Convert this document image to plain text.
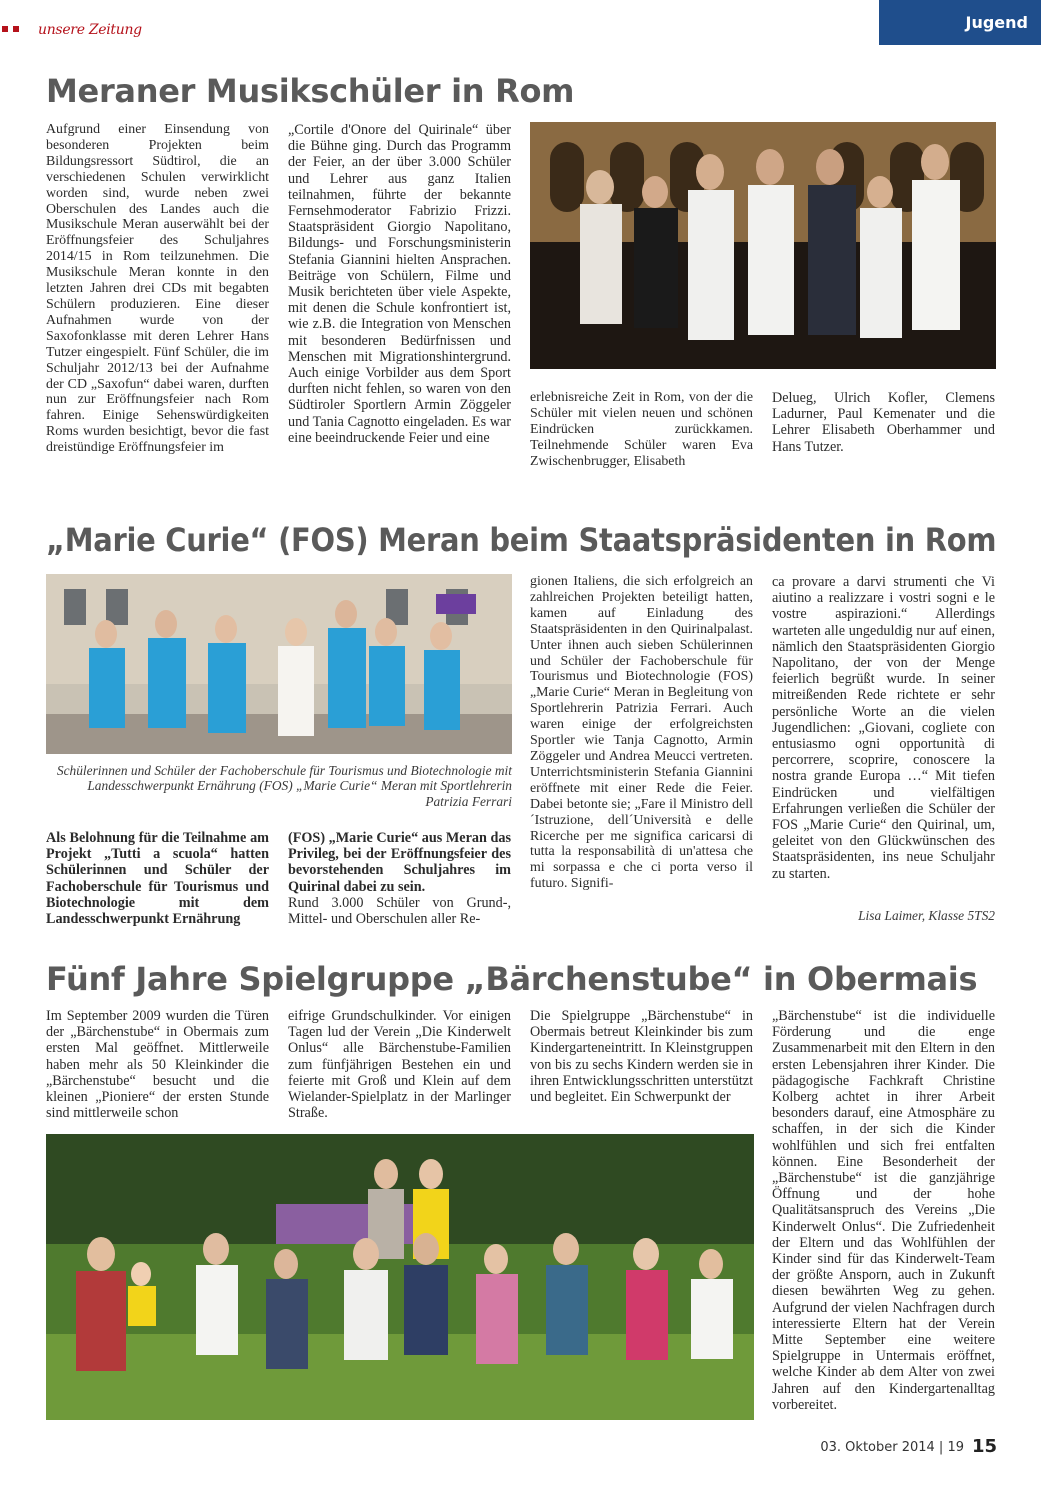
unsere Zeitung	Jugend
Meraner Musikschüler in Rom

Aufgrund einer Einsendung von besonderen Projekten beim Bildungsressort Südtirol, die an verschiedenen Schulen verwirklicht worden sind, wurde neben zwei Oberschulen des Landes auch die Musikschule Meran auserwählt bei der Eröffnungsfeier des Schuljahres 2014/15 in Rom teilzunehmen. Die Musikschule Meran konnte in den letzten Jahren drei CDs mit begabten Schülern produzieren. Eine dieser Aufnahmen wurde von der Saxofonklasse mit deren Lehrer Hans Tutzer eingespielt. Fünf Schüler, die im Schuljahr 2012/13 bei der Aufnahme der CD „Saxofun“ dabei waren, durften nun zur Eröffnungsfeier nach Rom fahren. Einige Sehenswürdigkeiten Roms wurden besichtigt, bevor die fast dreistündige Eröffnungsfeier im

„Cortile d'Onore del Quirinale“ über die Bühne ging. Durch das Programm der Feier, an der über 3.000 Schüler und Lehrer aus ganz Italien teilnahmen, führte der bekannte Fernsehmoderator Fabrizio Frizzi. Staatspräsident Giorgio Napolitano, Bildungs- und Forschungsministerin Stefania Giannini hielten Ansprachen. Beiträge von Schülern, Filme und Musik berichteten über viele Aspekte, mit denen die Schule konfrontiert ist, wie z.B. die Integration von Menschen mit besonderen Bedürfnissen und Menschen mit Migrationshintergrund. Auch einige Vorbilder aus dem Sport durften nicht fehlen, so waren von den Südtiroler Sportlern Armin Zöggeler und Tania Cagnotto eingeladen. Es war eine beeindruckende Feier und eine

erlebnisreiche Zeit in Rom, von der die Schüler mit vielen neuen und schönen Eindrücken zurückkamen. Teilnehmende Schüler waren Eva Zwischenbrugger, Elisabeth

Delueg, Ulrich Kofler, Clemens Ladurner, Paul Kemenater und die Lehrer Elisabeth Oberhammer und Hans Tutzer.

„Marie Curie“ (FOS) Meran beim Staatspräsidenten in Rom

Schülerinnen und Schüler der Fachoberschule für Tourismus und Biotechnologie mit Landesschwerpunkt Ernährung (FOS) „Marie Curie“ Meran mit Sportlehrerin Patrizia Ferrari

Als Belohnung für die Teilnahme am Projekt „Tutti a scuola“ hatten Schülerinnen und Schüler der Fachoberschule für Tourismus und Biotechnologie mit dem Landesschwerpunkt Ernährung

(FOS) „Marie Curie“ aus Meran das Privileg, bei der Eröffnungsfeier des bevorstehenden Schuljahres im Quirinal dabei zu sein.

Rund 3.000 Schüler von Grund-, Mittel- und Oberschulen aller Re-

gionen Italiens, die sich erfolgreich an zahlreichen Projekten beteiligt hatten, kamen auf Einladung des Staatspräsidenten in den Quirinalpalast. Unter ihnen auch sieben Schülerinnen und Schüler der Fachoberschule für Tourismus und Biotechnologie (FOS) „Marie Curie“ Meran in Begleitung von Sportlehrerin Patrizia Ferrari. Auch waren einige der erfolgreichsten Sportler wie Tanja Cagnotto, Armin Zöggeler und Andrea Meucci vertreten. Unterrichtsministerin Stefania Giannini eröffnete mit einer Rede die Feier. Dabei betonte sie; „Fare il Ministro dell´Istruzione, dell´Università e delle Ricerche per me significa caricarsi di tutta la responsabilità di un'attesa che mi sorpassa e che ci porta verso il futuro. Signifi-

ca provare a darvi strumenti che Vi aiutino a realizzare i vostri sogni e le vostre aspirazioni.“ Allerdings warteten alle ungeduldig nur auf einen, nämlich den Staatspräsidenten Giorgio Napolitano, der von der Menge feierlich begrüßt wurde. In seiner mitreißenden Rede richtete er sehr persönliche Worte an die vielen Jugendlichen: „Giovani, cogliete con entusiasmo ogni opportunità di percorrere, scoprire, conoscere la nostra grande Europa …“ Mit tiefen Eindrücken und vielfältigen Erfahrungen verließen die Schüler der FOS „Marie Curie“ den Quirinal, um, geleitet von den Glückwünschen des Staatspräsidenten, ins neue Schuljahr zu starten.

Lisa Laimer, Klasse 5TS2

Fünf Jahre Spielgruppe „Bärchenstube“ in Obermais

Im September 2009 wurden die Türen der „Bärchenstube“ in Obermais zum ersten Mal geöffnet. Mittlerweile haben mehr als 50 Kleinkinder die „Bärchenstube“ besucht und die kleinen „Pioniere“ der ersten Stunde sind mittlerweile schon

eifrige Grundschulkinder. Vor einigen Tagen lud der Verein „Die Kinderwelt Onlus“ alle Bärchenstube-Familien zum fünfjährigen Bestehen ein und feierte mit Groß und Klein auf dem Wielander-Spielplatz in der Marlinger Straße.

Die Spielgruppe „Bärchenstube“ in Obermais betreut Kleinkinder bis zum Kindergarteneintritt. In Kleinstgruppen von bis zu sechs Kindern werden sie in ihren Entwicklungsschritten unterstützt und begleitet. Ein Schwerpunkt der

„Bärchenstube“ ist die individuelle Förderung und die enge Zusammenarbeit mit den Eltern in den ersten Lebensjahren ihrer Kinder. Die pädagogische Fachkraft Christine Kolberg achtet in ihrer Arbeit besonders darauf, eine Atmosphäre zu schaffen, in der sich die Kinder wohlfühlen und sich frei entfalten können. Eine Besonderheit der „Bärchenstube“ ist die ganzjährige Öffnung und der hohe Qualitätsanspruch des Vereins „Die Kinderwelt Onlus“. Die Zufriedenheit der Eltern und das Wohlfühlen der Kinder sind für das Kinderwelt-Team der größte Ansporn, auch in Zukunft diesen bewährten Weg zu gehen. Aufgrund der vielen Nachfragen durch interessierte Eltern hat der Verein Mitte September eine weitere Spielgruppe in Untermais eröffnet, welche Kinder ab dem Alter von zwei Jahren auf den Kindergartenalltag vorbereitet.

03. Oktober 2014 | 19 15
